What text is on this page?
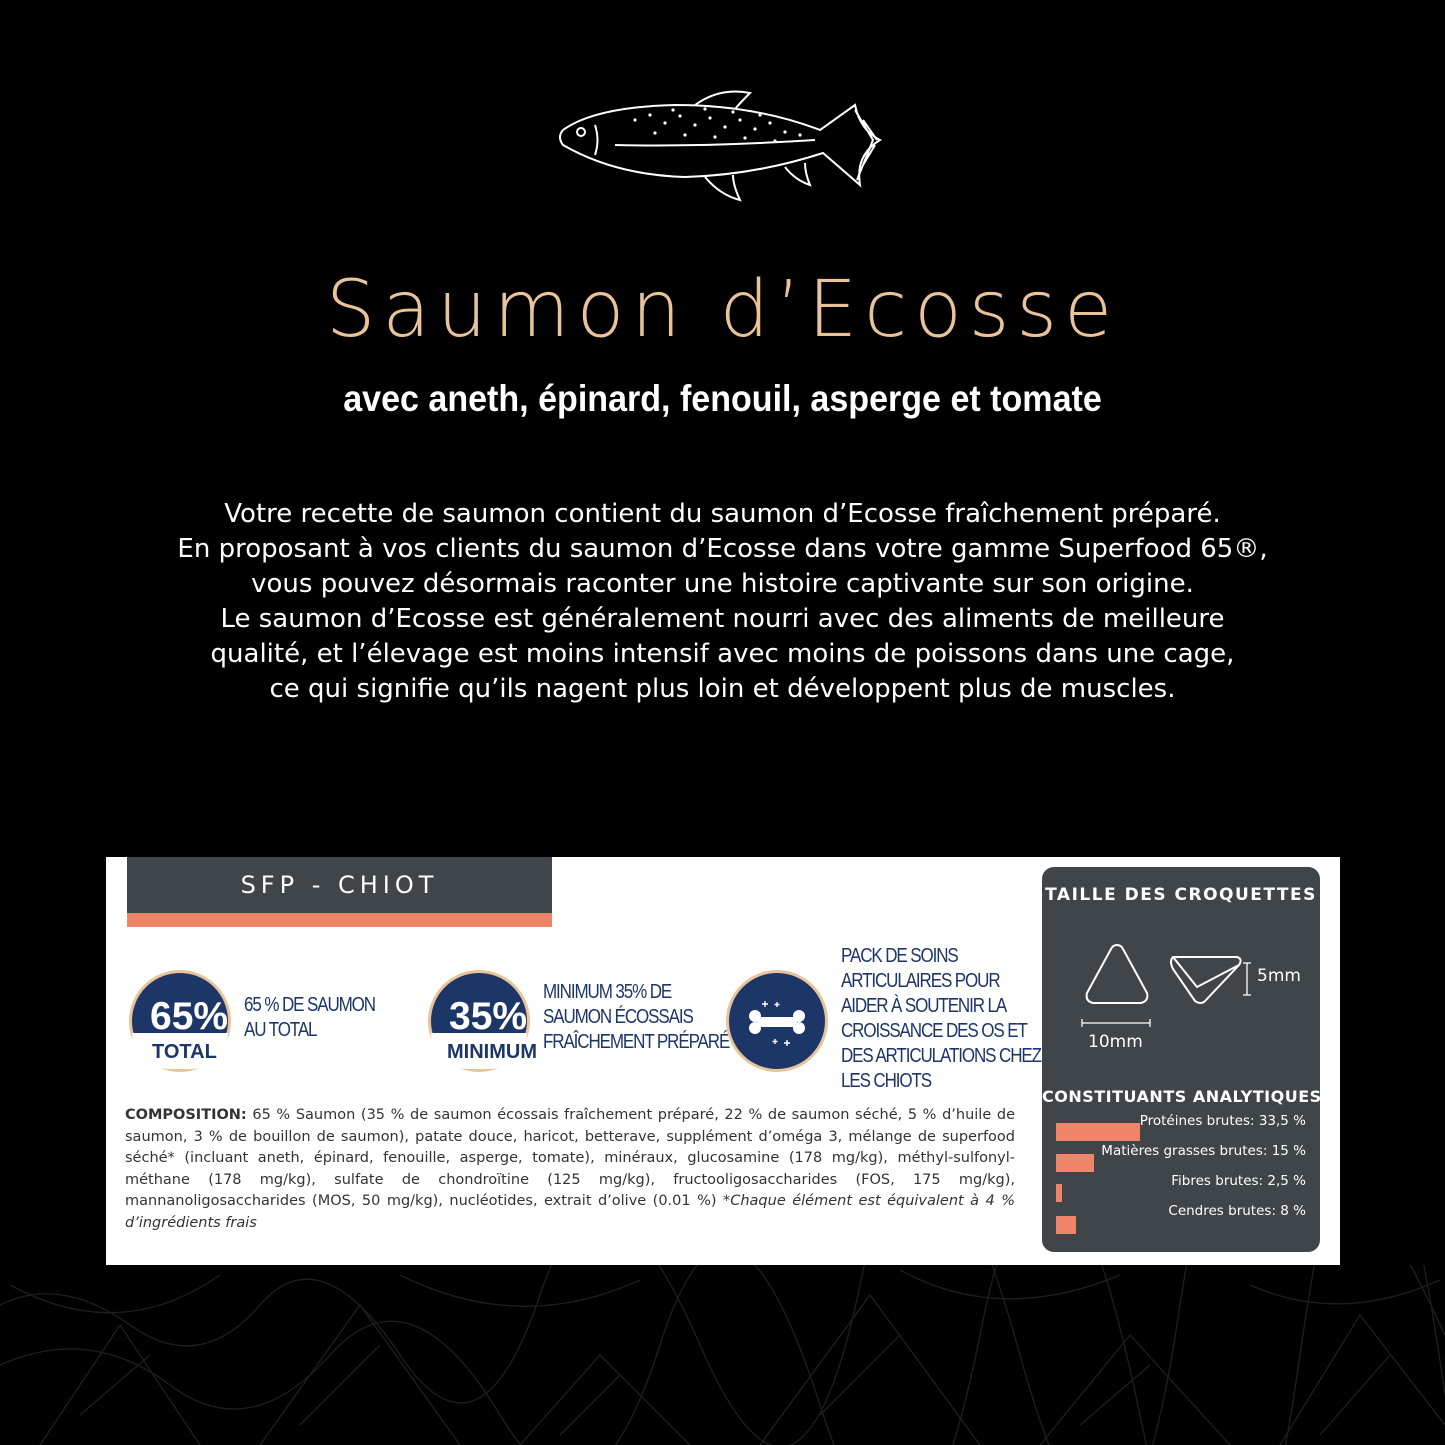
Saumon d’Ecosse
avec aneth, épinard, fenouil, asperge et tomate
Votre recette de saumon contient du saumon d’Ecosse fraîchement préparé.
En proposant à vos clients du saumon d’Ecosse dans votre gamme Superfood 65®,
vous pouvez désormais raconter une histoire captivante sur son origine.
Le saumon d’Ecosse est généralement nourri avec des aliments de meilleure
qualité, et l’élevage est moins intensif avec moins de poissons dans une cage,
ce qui signifie qu’ils nagent plus loin et développent plus de muscles.
SFP - CHIOT
65%
TOTAL
65 % DE SAUMON
AU TOTAL	35%
MINIMUM
MINIMUM 35% DE
SAUMON ÉCOSSAIS
FRAÎCHEMENT PRÉPARÉ
PACK DE SOINS
ARTICULAIRES POUR
AIDER À SOUTENIR LA
CROISSANCE DES OS ET
DES ARTICULATIONS CHEZ
LES CHIOTS
COMPOSITION: 65 % Saumon (35 % de saumon écossais fraîchement préparé, 22 % de saumon séché, 5 % d’huile de saumon, 3 % de bouillon de saumon), patate douce, haricot, betterave, supplément d’oméga 3, mélange de superfood séché* (incluant aneth, épinard, fenouille, asperge, tomate), minéraux, glucosamine (178 mg/kg), méthyl-sulfonyl-méthane (178 mg/kg), sulfate de chondroïtine (125 mg/kg), fructooligosaccharides (FOS, 175 mg/kg), mannanoligosaccharides (MOS, 50 mg/kg), nucléotides, extrait d’olive (0.01 %) *Chaque élément est équivalent à 4 % d’ingrédients frais
TAILLE DES CROQUETTES
10mm
5mm
CONSTITUANTS ANALYTIQUES
Protéines brutes: 33,5 %
Matières grasses brutes: 15 %
Fibres brutes: 2,5 %
Cendres brutes: 8 %
